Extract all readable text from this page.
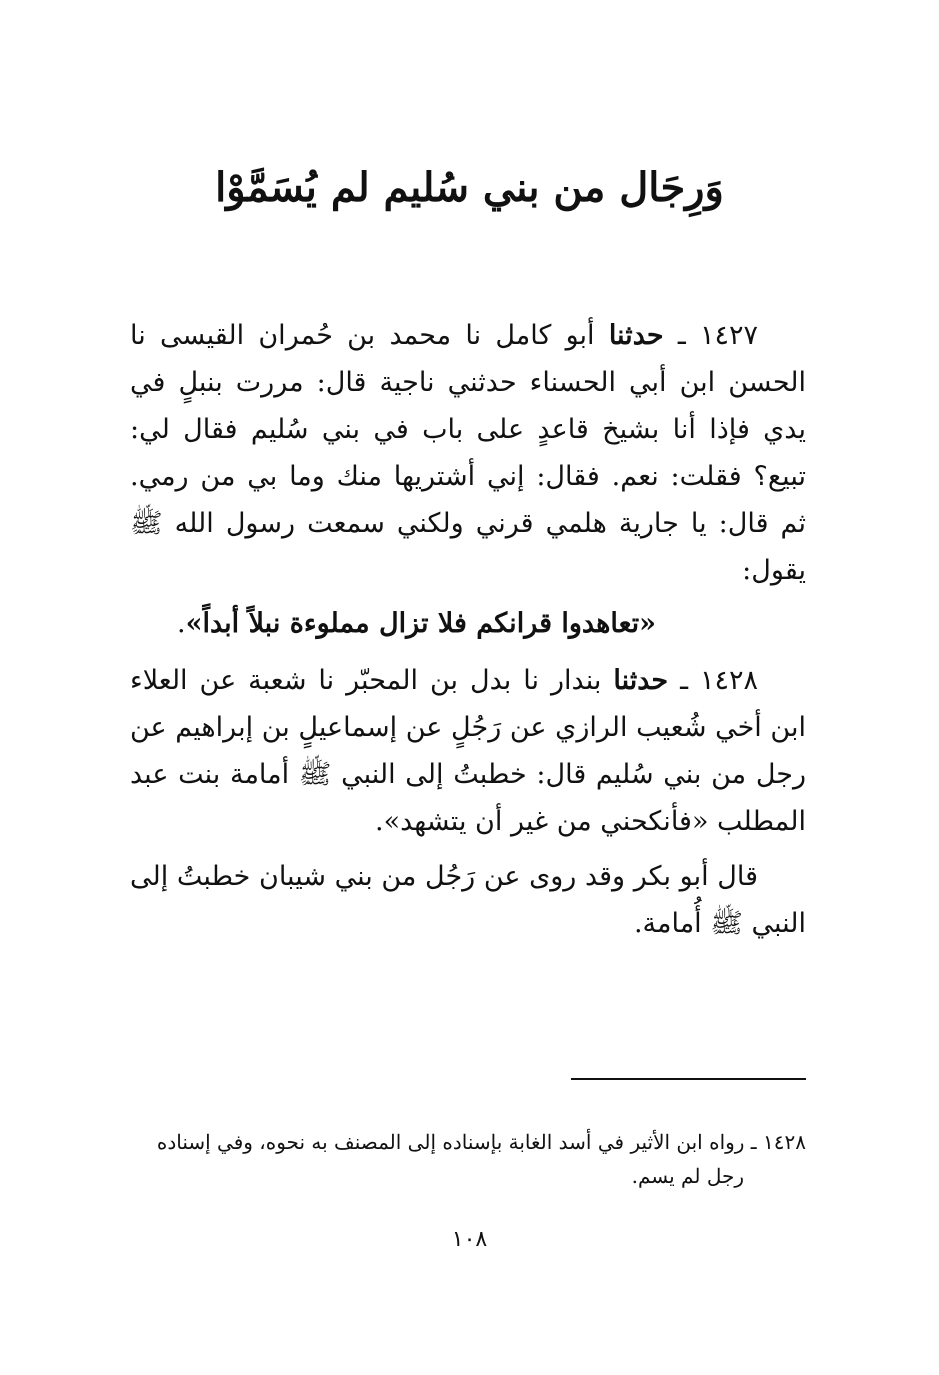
وَرِجَال من بني سُليم لم يُسَمَّوْا

١٤٢٧ ـ حدثنا أبو كامل نا محمد بن حُمران القيسى نا الحسن ابن أبي الحسناء حدثني ناجية قال: مررت بنبلٍ في يدي فإذا أنا بشيخ قاعدٍ على باب في بني سُليم فقال لي: تبيع؟ فقلت: نعم. فقال: إني أشتريها منك وما بي من رمي. ثم قال: يا جارية هلمي قرني ولكني سمعت رسول الله ﷺ يقول:

«تعاهدوا قرانكم فلا تزال مملوءة نبلاً أبداً».

١٤٢٨ ـ حدثنا بندار نا بدل بن المحبّر نا شعبة عن العلاء ابن أخي شُعيب الرازي عن رَجُلٍ عن إسماعيلٍ بن إبراهيم عن رجل من بني سُليم قال: خطبتُ إلى النبي ﷺ أمامة بنت عبد المطلب «فأنكحني من غير أن يتشهد».

قال أبو بكر وقد روى عن رَجُل من بني شيبان خطبتُ إلى النبي ﷺ أُمامة.

١٤٢٨ ـ رواه ابن الأثير في أسد الغابة بإسناده إلى المصنف به نحوه، وفي إسناده
رجل لم يسم.

١٠٨
